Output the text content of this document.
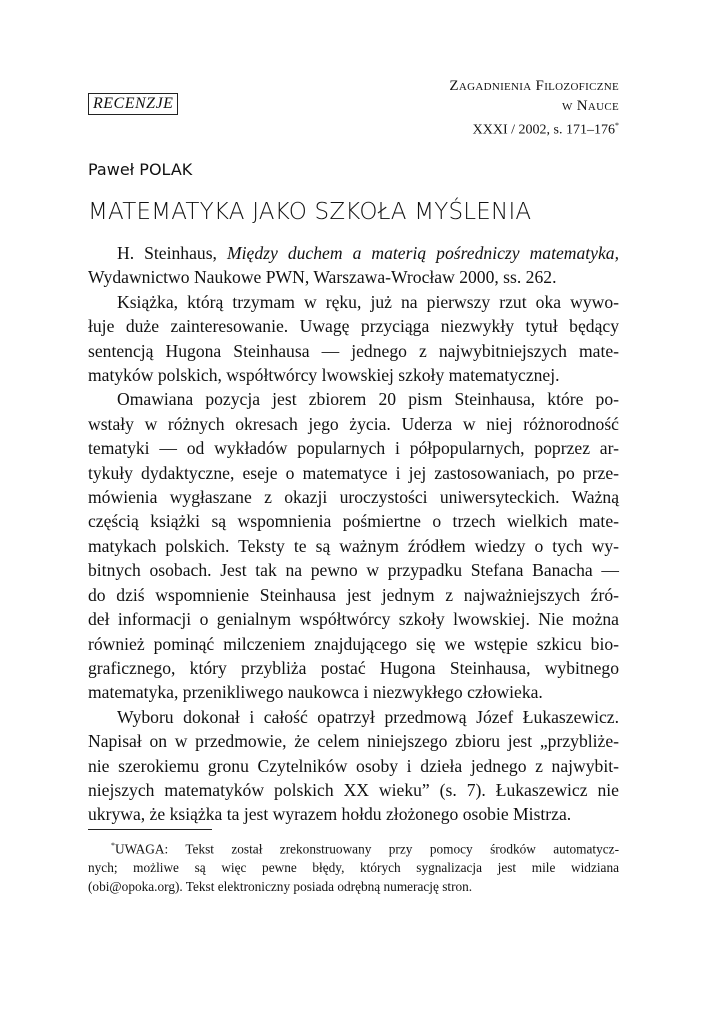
RECENZJE
Zagadnienia Filozoficzne
w Nauce
XXXI / 2002, s. 171–176*
Paweł POLAK
MATEMATYKA JAKO SZKOŁA MYŚLENIA

H. Steinhaus, Między duchem a materią pośredniczy matematyka,

Wydawnictwo Naukowe PWN, Warszawa-Wrocław 2000, ss. 262.

Książka, którą trzymam w ręku, już na pierwszy rzut oka wywo-
łuje duże zainteresowanie. Uwagę przyciąga niezwykły tytuł będący
sentencją Hugona Steinhausa — jednego z najwybitniejszych mate-
matyków polskich, współtwórcy lwowskiej szkoły matematycznej.
Omawiana pozycja jest zbiorem 20 pism Steinhausa, które po-
wstały w różnych okresach jego życia. Uderza w niej różnorodność
tematyki — od wykładów popularnych i półpopularnych, poprzez ar-
tykuły dydaktyczne, eseje o matematyce i jej zastosowaniach, po prze-
mówienia wygłaszane z okazji uroczystości uniwersyteckich. Ważną
częścią książki są wspomnienia pośmiertne o trzech wielkich mate-
matykach polskich. Teksty te są ważnym źródłem wiedzy o tych wy-
bitnych osobach. Jest tak na pewno w przypadku Stefana Banacha —
do dziś wspomnienie Steinhausa jest jednym z najważniejszych źró-
deł informacji o genialnym współtwórcy szkoły lwowskiej. Nie można
również pominąć milczeniem znajdującego się we wstępie szkicu bio-
graficznego, który przybliża postać Hugona Steinhausa, wybitnego
matematyka, przenikliwego naukowca i niezwykłego człowieka.
Wyboru dokonał i całość opatrzył przedmową Józef Łukaszewicz.
Napisał on w przedmowie, że celem niniejszego zbioru jest „przybliże-
nie szerokiemu gronu Czytelników osoby i dzieła jednego z najwybit-
niejszych matematyków polskich XX wieku” (s. 7). Łukaszewicz nie
ukrywa, że książka ta jest wyrazem hołdu złożonego osobie Mistrza.
*UWAGA: Tekst został zrekonstruowany przy pomocy środków automatycz-
nych; możliwe są więc pewne błędy, których sygnalizacja jest mile widziana
(obi@opoka.org). Tekst elektroniczny posiada odrębną numerację stron.
